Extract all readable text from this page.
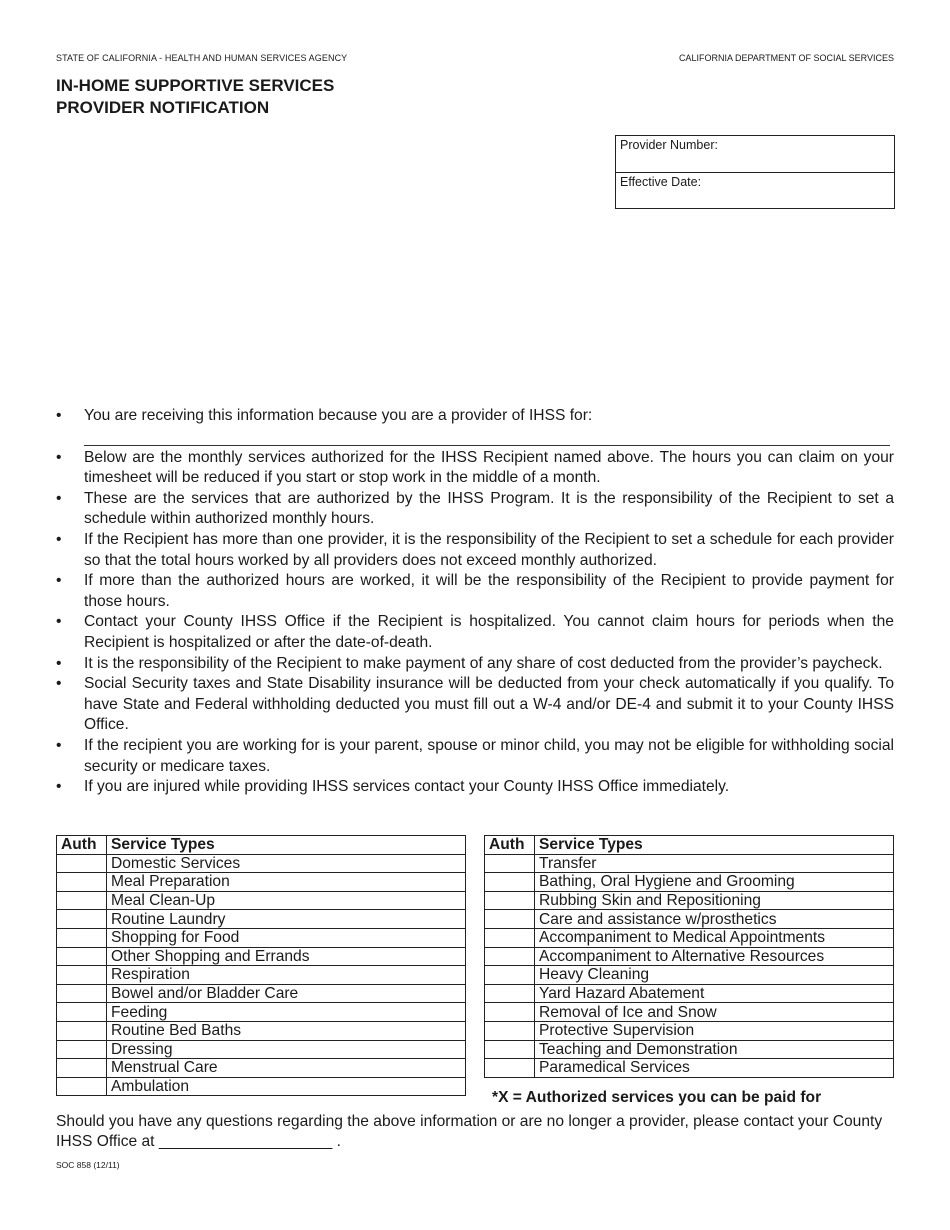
STATE OF CALIFORNIA - HEALTH AND HUMAN SERVICES AGENCY	CALIFORNIA DEPARTMENT OF SOCIAL SERVICES
IN-HOME SUPPORTIVE SERVICES
PROVIDER NOTIFICATION
Provider Number:
Effective Date:
• You are receiving this information because you are a provider of IHSS for:
• Below are the monthly services authorized for the IHSS Recipient named above. The hours you can claim on your timesheet will be reduced if you start or stop work in the middle of a month.
• These are the services that are authorized by the IHSS Program. It is the responsibility of the Recipient to set a schedule within authorized monthly hours.
• If the Recipient has more than one provider, it is the responsibility of the Recipient to set a schedule for each provider so that the total hours worked by all providers does not exceed monthly authorized.
• If more than the authorized hours are worked, it will be the responsibility of the Recipient to provide payment for those hours.
• Contact your County IHSS Office if the Recipient is hospitalized. You cannot claim hours for periods when the Recipient is hospitalized or after the date-of-death.
• It is the responsibility of the Recipient to make payment of any share of cost deducted from the provider’s paycheck.
• Social Security taxes and State Disability insurance will be deducted from your check automatically if you qualify. To have State and Federal withholding deducted you must fill out a W-4 and/or DE-4 and submit it to your County IHSS Office.
• If the recipient you are working for is your parent, spouse or minor child, you may not be eligible for withholding social security or medicare taxes.
• If you are injured while providing IHSS services contact your County IHSS Office immediately.
Auth	Service Types
	Domestic Services
	Meal Preparation
	Meal Clean-Up
	Routine Laundry
	Shopping for Food
	Other Shopping and Errands
	Respiration
	Bowel and/or Bladder Care
	Feeding
	Routine Bed Baths
	Dressing
	Menstrual Care
	Ambulation
Auth	Service Types
	Transfer
	Bathing, Oral Hygiene and Grooming
	Rubbing Skin and Repositioning
	Care and assistance w/prosthetics
	Accompaniment to Medical Appointments
	Accompaniment to Alternative Resources
	Heavy Cleaning
	Yard Hazard Abatement
	Removal of Ice and Snow
	Protective Supervision
	Teaching and Demonstration
	Paramedical Services
*X = Authorized services you can be paid for
Should you have any questions regarding the above information or are no longer a provider, please contact your County IHSS Office at ____________________ .
SOC 858 (12/11)
